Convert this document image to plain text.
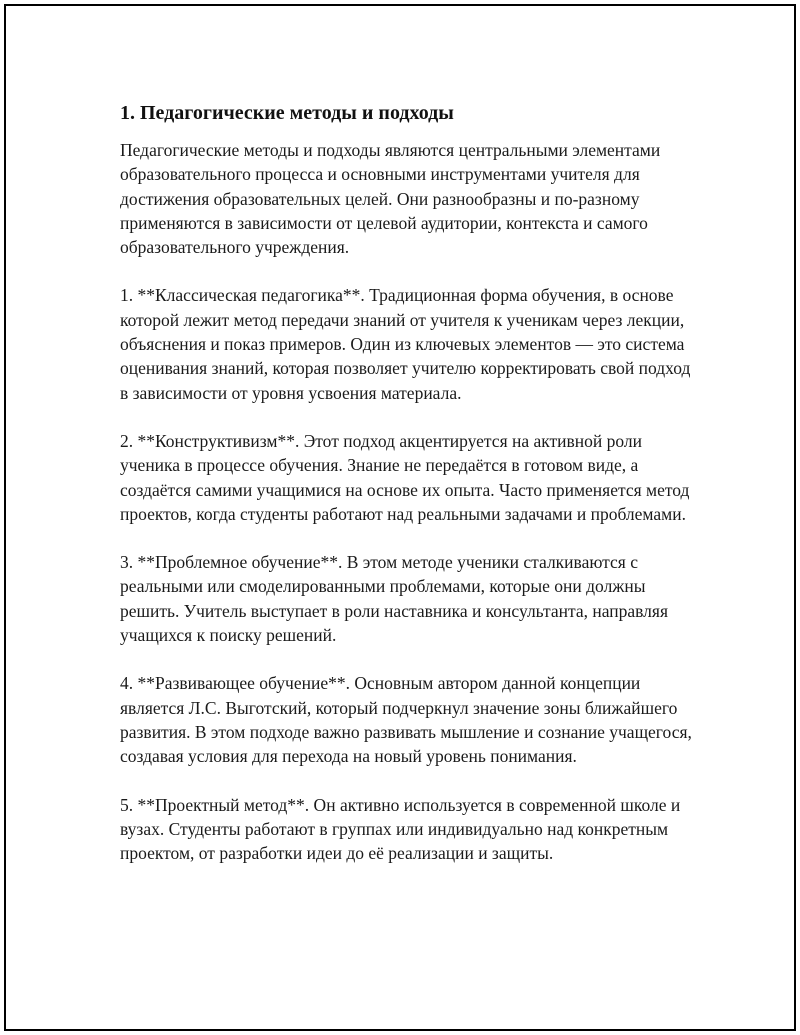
1. Педагогические методы и подходы

Педагогические методы и подходы являются центральными элементами образовательного процесса и основными инструментами учителя для достижения образовательных целей. Они разнообразны и по-разному применяются в зависимости от целевой аудитории, контекста и самого образовательного учреждения.

1. **Классическая педагогика**. Традиционная форма обучения, в основе которой лежит метод передачи знаний от учителя к ученикам через лекции, объяснения и показ примеров. Один из ключевых элементов — это система оценивания знаний, которая позволяет учителю корректировать свой подход в зависимости от уровня усвоения материала.

2. **Конструктивизм**. Этот подход акцентируется на активной роли ученика в процессе обучения. Знание не передаётся в готовом виде, а создаётся самими учащимися на основе их опыта. Часто применяется метод проектов, когда студенты работают над реальными задачами и проблемами.

3. **Проблемное обучение**. В этом методе ученики сталкиваются с реальными или смоделированными проблемами, которые они должны решить. Учитель выступает в роли наставника и консультанта, направляя учащихся к поиску решений.

4. **Развивающее обучение**. Основным автором данной концепции является Л.С. Выготский, который подчеркнул значение зоны ближайшего развития. В этом подходе важно развивать мышление и сознание учащегося, создавая условия для перехода на новый уровень понимания.

5. **Проектный метод**. Он активно используется в современной школе и вузах. Студенты работают в группах или индивидуально над конкретным проектом, от разработки идеи до её реализации и защиты.
